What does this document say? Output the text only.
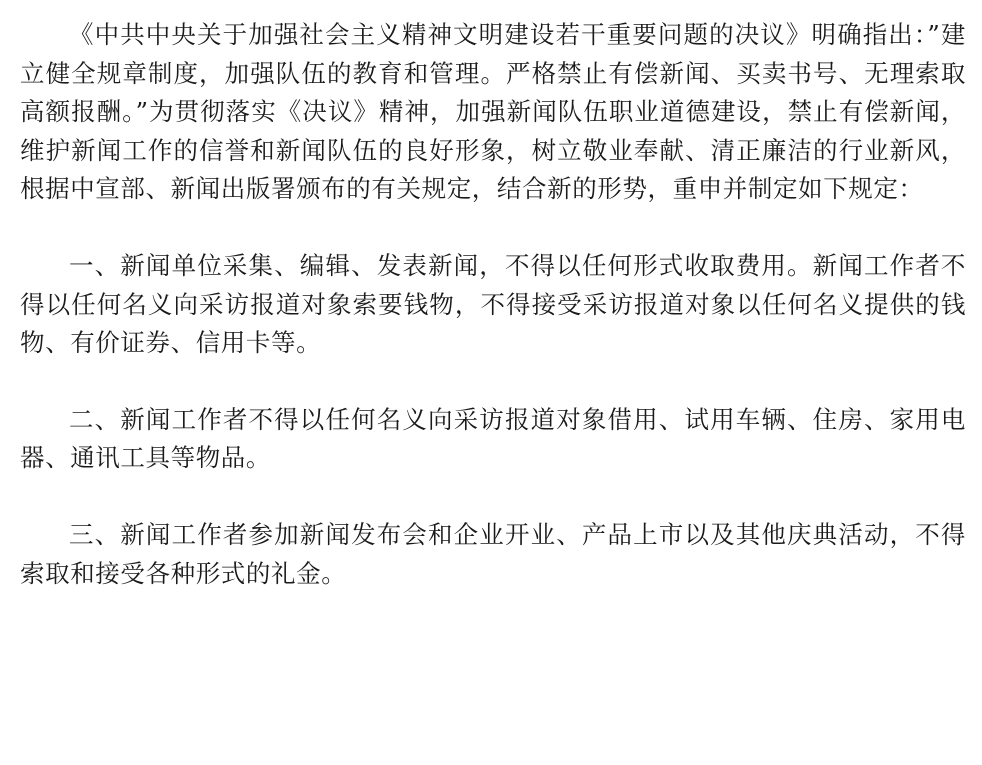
《中共中央关于加强社会主义精神文明建设若干重要问题的决议》明确指出：”建立健全规章制度，加强队伍的教育和管理。严格禁止有偿新闻、买卖书号、无理索取高额报酬。”为贯彻落实《决议》精神，加强新闻队伍职业道德建设，禁止有偿新闻，维护新闻工作的信誉和新闻队伍的良好形象，树立敬业奉献、清正廉洁的行业新风，根据中宣部、新闻出版署颁布的有关规定，结合新的形势，重申并制定如下规定：

一、新闻单位采集、编辑、发表新闻，不得以任何形式收取费用。新闻工作者不得以任何名义向采访报道对象索要钱物，不得接受采访报道对象以任何名义提供的钱物、有价证券、信用卡等。

二、新闻工作者不得以任何名义向采访报道对象借用、试用车辆、住房、家用电器、通讯工具等物品。

三、新闻工作者参加新闻发布会和企业开业、产品上市以及其他庆典活动，不得索取和接受各种形式的礼金。
